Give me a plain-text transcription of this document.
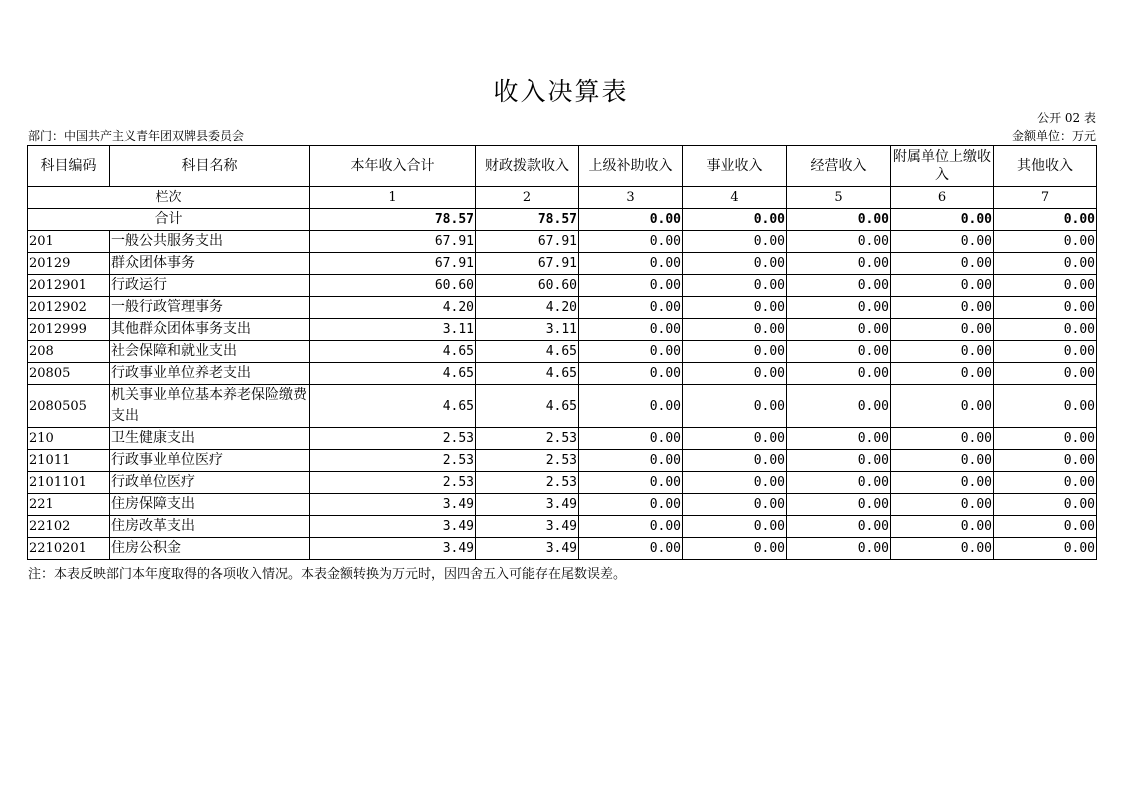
收入决算表
公开 02 表
部门：中国共产主义青年团双牌县委员会	金额单位：万元
科目编码	科目名称	本年收入合计	财政拨款收入	上级补助收入	事业收入	经营收入	附属单位上缴收入	其他收入
栏次		1	2	3	4	5	6	7
合计		78.57	78.57	0.00	0.00	0.00	0.00	0.00
201	一般公共服务支出	67.91	67.91	0.00	0.00	0.00	0.00	0.00
20129	群众团体事务	67.91	67.91	0.00	0.00	0.00	0.00	0.00
2012901	行政运行	60.60	60.60	0.00	0.00	0.00	0.00	0.00
2012902	一般行政管理事务	4.20	4.20	0.00	0.00	0.00	0.00	0.00
2012999	其他群众团体事务支出	3.11	3.11	0.00	0.00	0.00	0.00	0.00
208	社会保障和就业支出	4.65	4.65	0.00	0.00	0.00	0.00	0.00
20805	行政事业单位养老支出	4.65	4.65	0.00	0.00	0.00	0.00	0.00
2080505	机关事业单位基本养老保险缴费支出	4.65	4.65	0.00	0.00	0.00	0.00	0.00
210	卫生健康支出	2.53	2.53	0.00	0.00	0.00	0.00	0.00
21011	行政事业单位医疗	2.53	2.53	0.00	0.00	0.00	0.00	0.00
2101101	行政单位医疗	2.53	2.53	0.00	0.00	0.00	0.00	0.00
221	住房保障支出	3.49	3.49	0.00	0.00	0.00	0.00	0.00
22102	住房改革支出	3.49	3.49	0.00	0.00	0.00	0.00	0.00
2210201	住房公积金	3.49	3.49	0.00	0.00	0.00	0.00	0.00
注：本表反映部门本年度取得的各项收入情况。本表金额转换为万元时，因四舍五入可能存在尾数误差。
